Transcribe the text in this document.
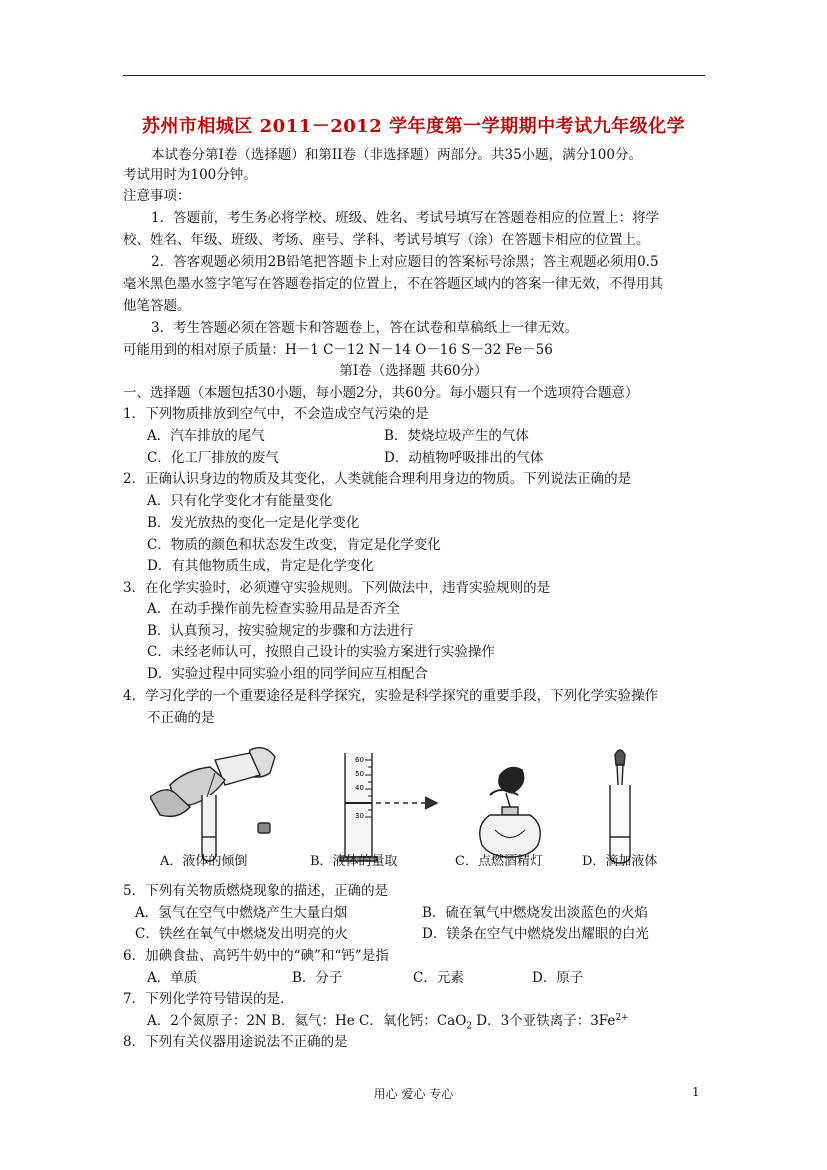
苏州市相城区 2011－2012 学年度第一学期期中考试九年级化学
本试卷分第Ⅰ卷（选择题）和第II卷（非选择题）两部分。共35小题，满分100分。
考试用时为100分钟。
注意事项：
1．答题前，考生务必将学校、班级、姓名、考试号填写在答题卷相应的位置上：将学
校、姓名、年级、班级、考场、座号、学科、考试号填写（涂）在答题卡相应的位置上。
2．答客观题必须用2B铅笔把答题卡上对应题目的答案标号涂黑；答主观题必须用0.5
毫米黑色墨水签字笔写在答题卷指定的位置上，不在答题区域内的答案一律无效，不得用其
他笔答题。
3．考生答题必须在答题卡和答题卷上，答在试卷和草稿纸上一律无效。
可能用到的相对原子质量：H－1 C－12 N－14 O－16 S－32 Fe－56
第Ⅰ卷（选择题 共60分）
一、选择题（本题包括30小题，每小题2分，共60分。每小题只有一个选项符合题意）
1．下列物质排放到空气中，不会造成空气污染的是
A．汽车排放的尾气	B．焚烧垃圾产生的气体
C．化工厂排放的废气	D．动植物呼吸排出的气体
2．正确认识身边的物质及其变化，人类就能合理利用身边的物质。下列说法正确的是
A．只有化学变化才有能量变化
B．发光放热的变化一定是化学变化
C．物质的颜色和状态发生改变，肯定是化学变化
D．有其他物质生成，肯定是化学变化
3．在化学实验时，必须遵守实验规则。下列做法中，违背实验规则的是
A．在动手操作前先检查实验用品是否齐全
B．认真预习，按实验规定的步骤和方法进行
C．未经老师认可，按照自己设计的实验方案进行实验操作
D．实验过程中同实验小组的同学间应互相配合
4．学习化学的一个重要途径是科学探究，实验是科学探究的重要手段，下列化学实验操作
不正确的是
60
50
40
30
A．液体的倾倒	B．液体的量取	C．点燃酒精灯	D．滴加液体
5．下列有关物质燃烧现象的描述，正确的是
A．氢气在空气中燃烧产生大量白烟	B．硫在氧气中燃烧发出淡蓝色的火焰
C．铁丝在氧气中燃烧发出明亮的火	D．镁条在空气中燃烧发出耀眼的白光
6．加碘食盐、高钙牛奶中的“碘”和“钙”是指
A．单质	B．分子	C．元素	D．原子
7．下列化学符号错误的是．
A．2个氮原子：2N B．氦气：He C．氧化钙：CaO$_2$ D．3个亚铁离子：$3Fe^{2+}$
8．下列有关仪器用途说法不正确的是
用心 爱心 专心	1
